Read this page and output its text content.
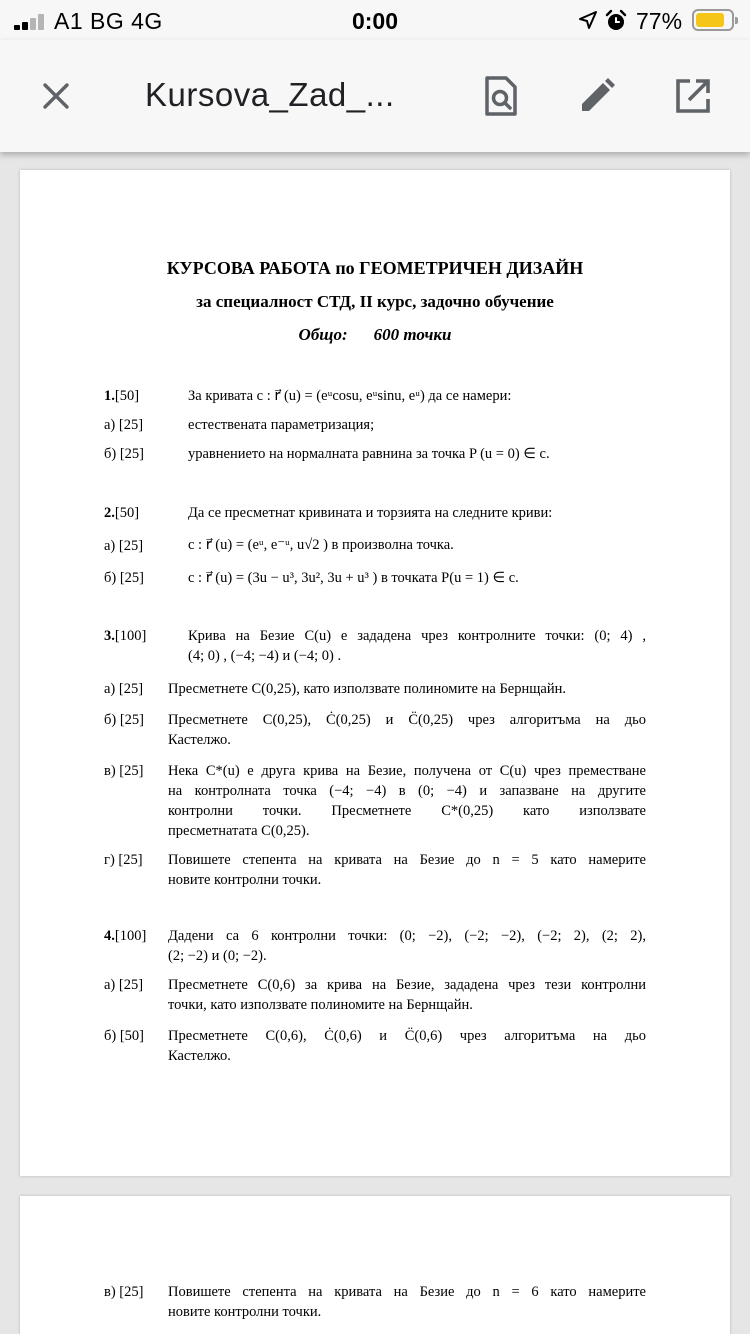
A1 BG 4G	0:00	77%
Kursova_Zad_...
КУРСОВА РАБОТА по ГЕОМЕТРИЧЕН ДИЗАЙН
за специалност СТД, II курс, задочно обучение
Общо: 600 точки
1.[50]	За кривата c : r⃗ (u) = (eᵘcosu, eᵘsinu, eᵘ) да се намери:
а) [25]	естествената параметризация;
б) [25]	уравнението на нормалната равнина за точка P (u = 0) ∈ c.
2.[50]	Да се пресметнат кривината и торзията на следните криви:
а) [25]	c : r⃗ (u) = (eᵘ, e⁻ᵘ, u√2 ) в произволна точка.
б) [25]	c : r⃗ (u) = (3u − u³, 3u², 3u + u³ ) в точката P(u = 1) ∈ c.
3.[100]	Крива на Безие C(u) е зададена чрез контролните точки: (0; 4) ,
(4; 0) , (−4; −4) и (−4; 0) .
а) [25] Пресметнете C(0,25), като използвате полиномите на Бернщайн.
б) [25] Пресметнете C(0,25), Ċ(0,25) и C̈(0,25) чрез алгоритъма на дьо
Кастелжо.
в) [25] Нека C*(u) е друга крива на Безие, получена от C(u) чрез преместване
на контролната точка (−4; −4) в (0; −4) и запазване на другите
контролни точки. Пресметнете C*(0,25) като използвате
пресметнатата C(0,25).
г) [25] Повишете степента на кривата на Безие до n = 5 като намерите
новите контролни точки.
4.[100] Дадени са 6 контролни точки: (0; −2), (−2; −2), (−2; 2), (2; 2),
(2; −2) и (0; −2).
а) [25] Пресметнете C(0,6) за крива на Безие, зададена чрез тези контролни
точки, като използвате полиномите на Бернщайн.
б) [50] Пресметнете C(0,6), Ċ(0,6) и C̈(0,6) чрез алгоритъма на дьо
Кастелжо.
в) [25] Повишете степента на кривата на Безие до n = 6 като намерите
новите контролни точки.
